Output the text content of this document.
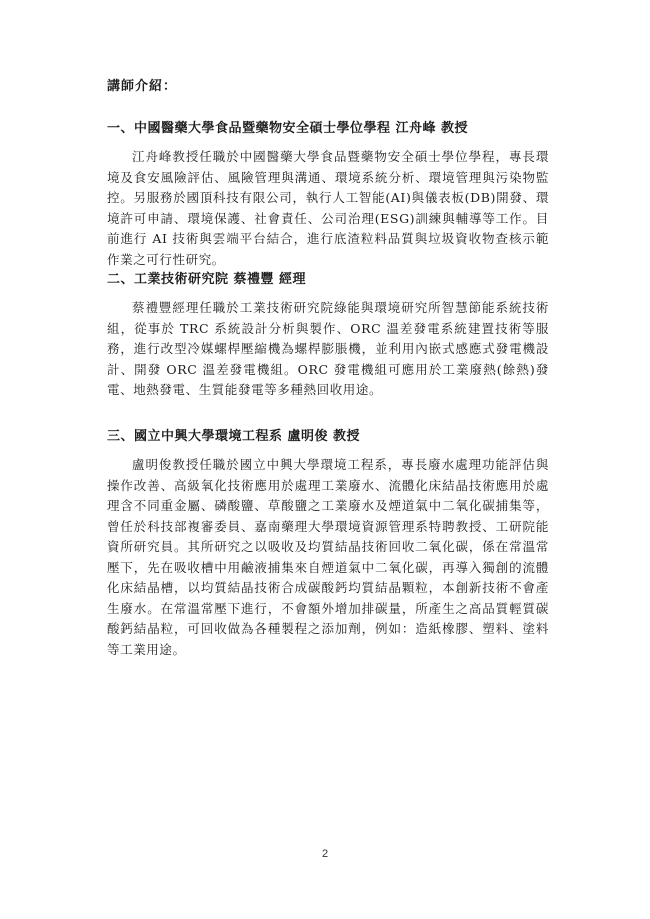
講師介紹：
一、中國醫藥大學食品暨藥物安全碩士學位學程 江舟峰 教授

江舟峰教授任職於中國醫藥大學食品暨藥物安全碩士學位學程，專長環境及食安風險評估、風險管理與溝通、環境系統分析、環境管理與污染物監控。另服務於國頂科技有限公司，執行人工智能(AI)與儀表板(DB)開發、環境許可申請、環境保護、社會責任、公司治理(ESG)訓練與輔導等工作。目前進行 AI 技術與雲端平台結合，進行底渣粒料品質與垃圾資收物查核示範作業之可行性研究。

二、工業技術研究院 蔡禮豐 經理

蔡禮豐經理任職於工業技術研究院綠能與環境研究所智慧節能系統技術組，從事於 TRC 系統設計分析與製作、ORC 溫差發電系統建置技術等服務，進行改型冷媒螺桿壓縮機為螺桿膨脹機，並利用內嵌式感應式發電機設計、開發 ORC 溫差發電機組。ORC 發電機組可應用於工業廢熱(餘熱)發電、地熱發電、生質能發電等多種熱回收用途。

三、國立中興大學環境工程系 盧明俊 教授

盧明俊教授任職於國立中興大學環境工程系，專長廢水處理功能評估與操作改善、高級氧化技術應用於處理工業廢水、流體化床結晶技術應用於處理含不同重金屬、磷酸鹽、草酸鹽之工業廢水及煙道氣中二氧化碳捕集等，曾任於科技部複審委員、嘉南藥理大學環境資源管理系特聘教授、工研院能資所研究員。其所研究之以吸收及均質結晶技術回收二氧化碳，係在常溫常壓下，先在吸收槽中用鹼液捕集來自煙道氣中二氧化碳，再導入獨創的流體化床結晶槽，以均質結晶技術合成碳酸鈣均質結晶顆粒，本創新技術不會產生廢水。在常溫常壓下進行，不會額外增加排碳量，所產生之高品質輕質碳酸鈣結晶粒，可回收做為各種製程之添加劑，例如：造紙橡膠、塑料、塗料等工業用途。

2
